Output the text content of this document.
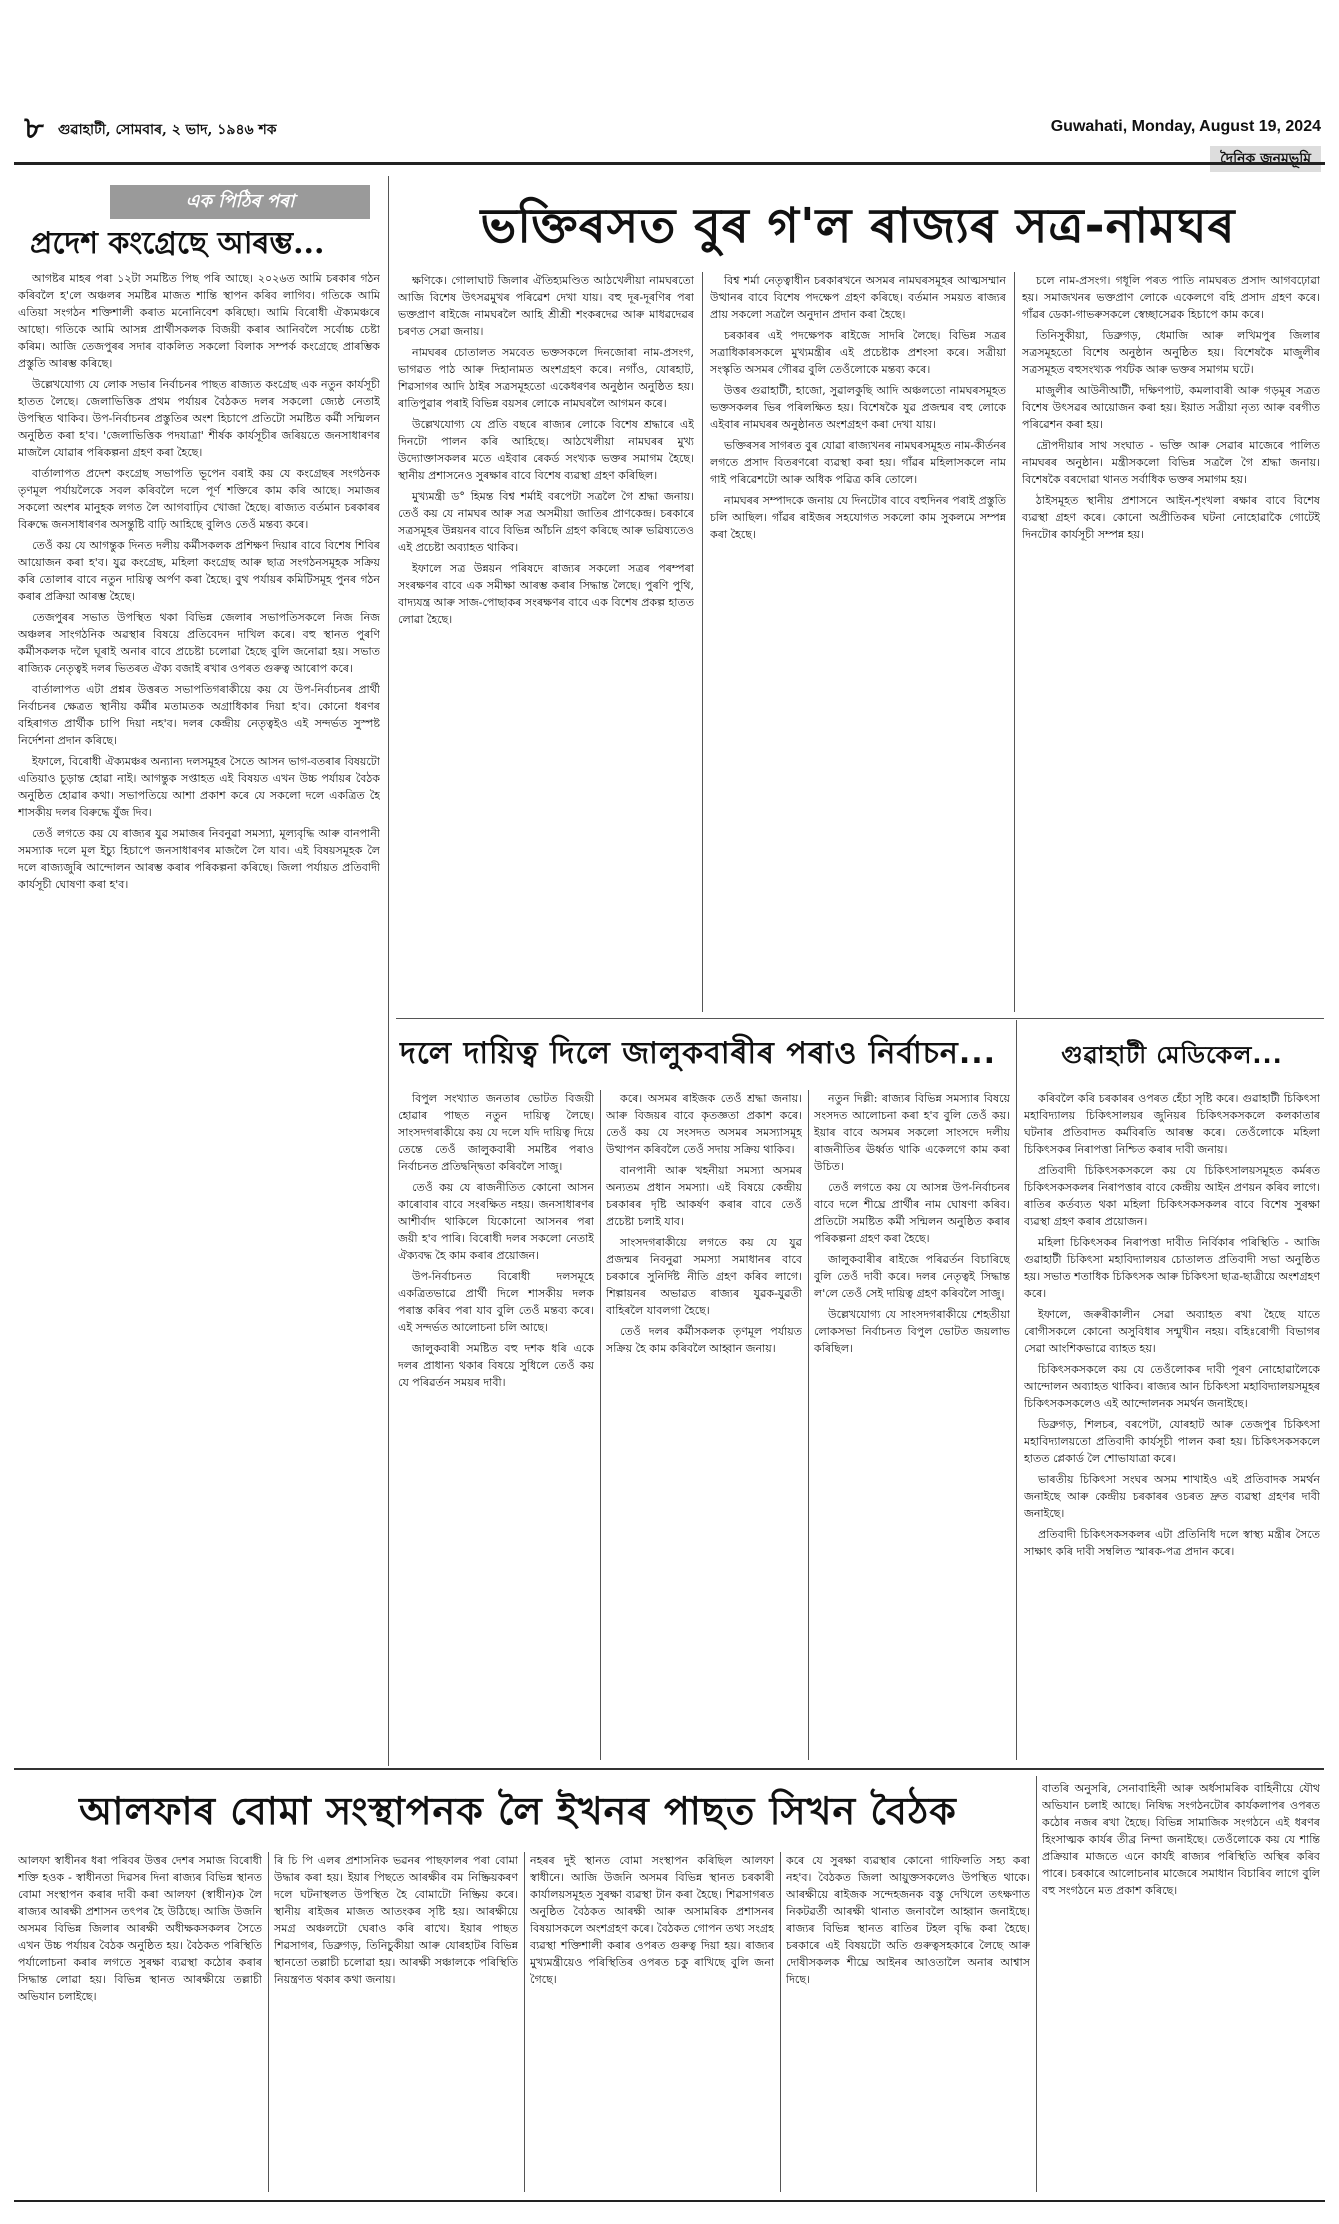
৮	গুৱাহাটী, সোমবাৰ, ২ ভাদ, ১৯৪৬ শক	Guwahati, Monday, August 19, 2024
দৈনিক জনমভূমি
এক পিঠিৰ পৰা
প্ৰদেশ কংগ্ৰেছে আৰম্ভ...

আগষ্টৰ মাহৰ পৰা ১২টা সমষ্টিত পিছ পৰি আছে। ২০২৬ত আমি চৰকাৰ গঠন কৰিবলৈ হ'লে অঞ্চলৰ সমষ্টিৰ মাজত শান্তি স্থাপন কৰিব লাগিব। গতিকে আমি এতিয়া সংগঠন শক্তিশালী কৰাত মনোনিবেশ কৰিছো। আমি বিৰোধী ঐক্যমঞ্চৰে আছো। গতিকে আমি আসন্ন প্ৰাৰ্থীসকলক বিজয়ী কৰাৰ আনিবলৈ সৰ্বোচ্চ চেষ্টা কৰিম। আজি তেজপুৰৰ সদাৰ বাকলিত সকলো বিলাক সম্পৰ্ক কংগ্ৰেছে প্ৰাৰম্ভিক প্ৰস্তুতি আৰম্ভ কৰিছে।

উল্লেখযোগ্য যে লোক সভাৰ নিৰ্বাচনৰ পাছত ৰাজ্যত কংগ্ৰেছ এক নতুন কাৰ্যসূচী হাতত লৈছে। জেলাভিত্তিক প্ৰথম পৰ্যায়ৰ বৈঠকত দলৰ সকলো জ্যেষ্ঠ নেতাই উপস্থিত থাকিব। উপ-নিৰ্বাচনৰ প্ৰস্তুতিৰ অংশ হিচাপে প্ৰতিটো সমষ্টিত কৰ্মী সন্মিলন অনুষ্ঠিত কৰা হ'ব। 'জেলাভিত্তিক পদযাত্ৰা' শীৰ্ষক কাৰ্যসূচীৰ জৰিয়তে জনসাধাৰণৰ মাজলৈ যোৱাৰ পৰিকল্পনা গ্ৰহণ কৰা হৈছে।

বাৰ্তালাপত প্ৰদেশ কংগ্ৰেছ সভাপতি ভূপেন বৰাই কয় যে কংগ্ৰেছৰ সংগঠনক তৃণমূল পৰ্যায়লৈকে সবল কৰিবলৈ দলে পূৰ্ণ শক্তিৰে কাম কৰি আছে। সমাজৰ সকলো অংশৰ মানুহক লগত লৈ আগবাঢ়িব খোজা হৈছে। ৰাজ্যত বৰ্তমান চৰকাৰৰ বিৰুদ্ধে জনসাধাৰণৰ অসন্তুষ্টি বাঢ়ি আহিছে বুলিও তেওঁ মন্তব্য কৰে।

তেওঁ কয় যে আগন্তুক দিনত দলীয় কৰ্মীসকলক প্ৰশিক্ষণ দিয়াৰ বাবে বিশেষ শিবিৰ আয়োজন কৰা হ'ব। যুৱ কংগ্ৰেছ, মহিলা কংগ্ৰেছ আৰু ছাত্ৰ সংগঠনসমূহক সক্ৰিয় কৰি তোলাৰ বাবে নতুন দায়িত্ব অৰ্পণ কৰা হৈছে। বুথ পৰ্যায়ৰ কমিটিসমূহ পুনৰ গঠন কৰাৰ প্ৰক্ৰিয়া আৰম্ভ হৈছে।

তেজপুৰৰ সভাত উপস্থিত থকা বিভিন্ন জেলাৰ সভাপতিসকলে নিজ নিজ অঞ্চলৰ সাংগঠনিক অৱস্থাৰ বিষয়ে প্ৰতিবেদন দাখিল কৰে। বহু স্থানত পুৰণি কৰ্মীসকলক দলৈ ঘূৰাই অনাৰ বাবে প্ৰচেষ্টা চলোৱা হৈছে বুলি জনোৱা হয়। সভাত ৰাজ্যিক নেতৃত্বই দলৰ ভিতৰত ঐক্য বজাই ৰখাৰ ওপৰত গুৰুত্ব আৰোপ কৰে।

বাৰ্তালাপত এটা প্ৰশ্নৰ উত্তৰত সভাপতিগৰাকীয়ে কয় যে উপ-নিৰ্বাচনৰ প্ৰাৰ্থী নিৰ্বাচনৰ ক্ষেত্ৰত স্থানীয় কৰ্মীৰ মতামতক অগ্ৰাধিকাৰ দিয়া হ'ব। কোনো ধৰণৰ বহিৰাগত প্ৰাৰ্থীক চাপি দিয়া নহ'ব। দলৰ কেন্দ্ৰীয় নেতৃত্বইও এই সন্দৰ্ভত সুস্পষ্ট নিৰ্দেশনা প্ৰদান কৰিছে।

ইফালে, বিৰোধী ঐক্যমঞ্চৰ অন্যান্য দলসমূহৰ সৈতে আসন ভাগ-বতৰাৰ বিষয়টো এতিয়াও চূড়ান্ত হোৱা নাই। আগন্তুক সপ্তাহত এই বিষয়ত এখন উচ্চ পৰ্যায়ৰ বৈঠক অনুষ্ঠিত হোৱাৰ কথা। সভাপতিয়ে আশা প্ৰকাশ কৰে যে সকলো দলে একত্ৰিত হৈ শাসকীয় দলৰ বিৰুদ্ধে যুঁজ দিব।

তেওঁ লগতে কয় যে ৰাজ্যৰ যুৱ সমাজৰ নিবনুৱা সমস্যা, মূল্যবৃদ্ধি আৰু বানপানী সমস্যাক দলে মূল ইচ্যু হিচাপে জনসাধাৰণৰ মাজলৈ লৈ যাব। এই বিষয়সমূহক লৈ দলে ৰাজ্যজুৰি আন্দোলন আৰম্ভ কৰাৰ পৰিকল্পনা কৰিছে। জিলা পৰ্যায়ত প্ৰতিবাদী কাৰ্যসূচী ঘোষণা কৰা হ'ব।

ভক্তিৰসত বুৰ গ'ল ৰাজ্যৰ সত্ৰ-নামঘৰ

ক্ষণিকে। গোলাঘাট জিলাৰ ঐতিহ্যমণ্ডিত আঠখেলীয়া নামঘৰতো আজি বিশেষ উৎসৱমুখৰ পৰিৱেশ দেখা যায়। বহু দূৰ-দূৰণিৰ পৰা ভক্তপ্ৰাণ ৰাইজে নামঘৰলৈ আহি শ্ৰীশ্ৰী শংকৰদেৱ আৰু মাধৱদেৱৰ চৰণত সেৱা জনায়।

নামঘৰৰ চোতালত সমবেত ভক্তসকলে দিনজোৰা নাম-প্ৰসংগ, ভাগৱত পাঠ আৰু দিহানামত অংশগ্ৰহণ কৰে। নগাঁও, যোৰহাট, শিৱসাগৰ আদি ঠাইৰ সত্ৰসমূহতো একেধৰণৰ অনুষ্ঠান অনুষ্ঠিত হয়। ৰাতিপুৱাৰ পৰাই বিভিন্ন বয়সৰ লোকে নামঘৰলৈ আগমন কৰে।

উল্লেখযোগ্য যে প্ৰতি বছৰে ৰাজ্যৰ লোকে বিশেষ শ্ৰদ্ধাৰে এই দিনটো পালন কৰি আহিছে। আঠখেলীয়া নামঘৰৰ মুখ্য উদ্যোক্তাসকলৰ মতে এইবাৰ ৰেকৰ্ড সংখ্যক ভক্তৰ সমাগম হৈছে। স্থানীয় প্ৰশাসনেও সুৰক্ষাৰ বাবে বিশেষ ব্যৱস্থা গ্ৰহণ কৰিছিল।

মুখ্যমন্ত্ৰী ড° হিমন্ত বিশ্ব শৰ্মাই বৰপেটা সত্ৰলৈ গৈ শ্ৰদ্ধা জনায়। তেওঁ কয় যে নামঘৰ আৰু সত্ৰ অসমীয়া জাতিৰ প্ৰাণকেন্দ্ৰ। চৰকাৰে সত্ৰসমূহৰ উন্নয়নৰ বাবে বিভিন্ন আঁচনি গ্ৰহণ কৰিছে আৰু ভৱিষ্যতেও এই প্ৰচেষ্টা অব্যাহত থাকিব।

ইফালে সত্ৰ উন্নয়ন পৰিষদে ৰাজ্যৰ সকলো সত্ৰৰ পৰম্পৰা সংৰক্ষণৰ বাবে এক সমীক্ষা আৰম্ভ কৰাৰ সিদ্ধান্ত লৈছে। পুৰণি পুথি, বাদ্যযন্ত্ৰ আৰু সাজ-পোছাকৰ সংৰক্ষণৰ বাবে এক বিশেষ প্ৰকল্প হাতত লোৱা হৈছে।

বিশ্ব শৰ্মা নেতৃত্বাধীন চৰকাৰখনে অসমৰ নামঘৰসমূহৰ আত্মসম্মান উত্থানৰ বাবে বিশেষ পদক্ষেপ গ্ৰহণ কৰিছে। বৰ্তমান সময়ত ৰাজ্যৰ প্ৰায় সকলো সত্ৰলৈ অনুদান প্ৰদান কৰা হৈছে।

চৰকাৰৰ এই পদক্ষেপক ৰাইজে সাদৰি লৈছে। বিভিন্ন সত্ৰৰ সত্ৰাধিকাৰসকলে মুখ্যমন্ত্ৰীৰ এই প্ৰচেষ্টাক প্ৰশংসা কৰে। সত্ৰীয়া সংস্কৃতি অসমৰ গৌৰৱ বুলি তেওঁলোকে মন্তব্য কৰে।

উত্তৰ গুৱাহাটী, হাজো, সুৱালকুছি আদি অঞ্চলতো নামঘৰসমূহত ভক্তসকলৰ ভিৰ পৰিলক্ষিত হয়। বিশেষকৈ যুৱ প্ৰজন্মৰ বহু লোকে এইবাৰ নামঘৰৰ অনুষ্ঠানত অংশগ্ৰহণ কৰা দেখা যায়।

ভক্তিৰসৰ সাগৰত বুৰ যোৱা ৰাজ্যখনৰ নামঘৰসমূহত নাম-কীৰ্তনৰ লগতে প্ৰসাদ বিতৰণৰো ব্যৱস্থা কৰা হয়। গাঁৱৰ মহিলাসকলে নাম গাই পৰিৱেশটো আৰু অধিক পৱিত্ৰ কৰি তোলে।

নামঘৰৰ সম্পাদকে জনায় যে দিনটোৰ বাবে বহুদিনৰ পৰাই প্ৰস্তুতি চলি আছিল। গাঁৱৰ ৰাইজৰ সহযোগত সকলো কাম সুকলমে সম্পন্ন কৰা হৈছে।

চলে নাম-প্ৰসংগ। গধূলি পৰত পাতি নামঘৰত প্ৰসাদ আগবঢ়োৱা হয়। সমাজখনৰ ভক্তপ্ৰাণ লোকে একেলগে বহি প্ৰসাদ গ্ৰহণ কৰে। গাঁৱৰ ডেকা-গাভৰুসকলে স্বেচ্ছাসেৱক হিচাপে কাম কৰে।

তিনিসুকীয়া, ডিব্ৰুগড়, ধেমাজি আৰু লখিমপুৰ জিলাৰ সত্ৰসমূহতো বিশেষ অনুষ্ঠান অনুষ্ঠিত হয়। বিশেষকৈ মাজুলীৰ সত্ৰসমূহত বহুসংখ্যক পৰ্যটক আৰু ভক্তৰ সমাগম ঘটে।

মাজুলীৰ আউনীআটী, দক্ষিণপাট, কমলাবাৰী আৰু গড়মূৰ সত্ৰত বিশেষ উৎসৱৰ আয়োজন কৰা হয়। ইয়াত সত্ৰীয়া নৃত্য আৰু বৰগীত পৰিৱেশন কৰা হয়।

দ্ৰৌপদীয়াৰ সাথ সংঘাত - ভক্তি আৰু সেৱাৰ মাজেৰে পালিত নামঘৰৰ অনুষ্ঠান। মন্ত্ৰীসকলো বিভিন্ন সত্ৰলৈ গৈ শ্ৰদ্ধা জনায়। বিশেষকৈ বৰদোৱা থানত সৰ্বাধিক ভক্তৰ সমাগম হয়।

ঠাইসমূহত স্থানীয় প্ৰশাসনে আইন-শৃংখলা ৰক্ষাৰ বাবে বিশেষ ব্যৱস্থা গ্ৰহণ কৰে। কোনো অপ্ৰীতিকৰ ঘটনা নোহোৱাকৈ গোটেই দিনটোৰ কাৰ্যসূচী সম্পন্ন হয়।

দলে দায়িত্ব দিলে জালুকবাৰীৰ পৰাও নিৰ্বাচন...

বিপুল সংখ্যাত জনতাৰ ভোটত বিজয়ী হোৱাৰ পাছত নতুন দায়িত্ব লৈছে। সাংসদগৰাকীয়ে কয় যে দলে যদি দায়িত্ব দিয়ে তেন্তে তেওঁ জালুকবাৰী সমষ্টিৰ পৰাও নিৰ্বাচনত প্ৰতিদ্বন্দ্বিতা কৰিবলৈ সাজু।

তেওঁ কয় যে ৰাজনীতিত কোনো আসন কাৰোবাৰ বাবে সংৰক্ষিত নহয়। জনসাধাৰণৰ আশীৰ্বাদ থাকিলে যিকোনো আসনৰ পৰা জয়ী হ'ব পাৰি। বিৰোধী দলৰ সকলো নেতাই ঐক্যবদ্ধ হৈ কাম কৰাৰ প্ৰয়োজন।

উপ-নিৰ্বাচনত বিৰোধী দলসমূহে একত্ৰিতভাৱে প্ৰাৰ্থী দিলে শাসকীয় দলক পৰাস্ত কৰিব পৰা যাব বুলি তেওঁ মন্তব্য কৰে। এই সন্দৰ্ভত আলোচনা চলি আছে।

জালুকবাৰী সমষ্টিত বহু দশক ধৰি একে দলৰ প্ৰাধান্য থকাৰ বিষয়ে সুধিলে তেওঁ কয় যে পৰিৱৰ্তন সময়ৰ দাবী।

কৰে। অসমৰ ৰাইজক তেওঁ শ্ৰদ্ধা জনায়। আৰু বিজয়ৰ বাবে কৃতজ্ঞতা প্ৰকাশ কৰে। তেওঁ কয় যে সংসদত অসমৰ সমস্যাসমূহ উত্থাপন কৰিবলৈ তেওঁ সদায় সক্ৰিয় থাকিব।

বানপানী আৰু খহনীয়া সমস্যা অসমৰ অন্যতম প্ৰধান সমস্যা। এই বিষয়ে কেন্দ্ৰীয় চৰকাৰৰ দৃষ্টি আকৰ্ষণ কৰাৰ বাবে তেওঁ প্ৰচেষ্টা চলাই যাব।

সাংসদগৰাকীয়ে লগতে কয় যে যুৱ প্ৰজন্মৰ নিবনুৱা সমস্যা সমাধানৰ বাবে চৰকাৰে সুনিৰ্দিষ্ট নীতি গ্ৰহণ কৰিব লাগে। শিল্পায়নৰ অভাৱত ৰাজ্যৰ যুৱক-যুৱতী বাহিৰলৈ যাবলগা হৈছে।

তেওঁ দলৰ কৰ্মীসকলক তৃণমূল পৰ্যায়ত সক্ৰিয় হৈ কাম কৰিবলৈ আহ্বান জনায়।

নতুন দিল্লী: ৰাজ্যৰ বিভিন্ন সমস্যাৰ বিষয়ে সংসদত আলোচনা কৰা হ'ব বুলি তেওঁ কয়। ইয়াৰ বাবে অসমৰ সকলো সাংসদে দলীয় ৰাজনীতিৰ ঊৰ্ধ্বত থাকি একেলগে কাম কৰা উচিত।

তেওঁ লগতে কয় যে আসন্ন উপ-নিৰ্বাচনৰ বাবে দলে শীঘ্ৰে প্ৰাৰ্থীৰ নাম ঘোষণা কৰিব। প্ৰতিটো সমষ্টিত কৰ্মী সন্মিলন অনুষ্ঠিত কৰাৰ পৰিকল্পনা গ্ৰহণ কৰা হৈছে।

জালুকবাৰীৰ ৰাইজে পৰিৱৰ্তন বিচাৰিছে বুলি তেওঁ দাবী কৰে। দলৰ নেতৃত্বই সিদ্ধান্ত ল'লে তেওঁ সেই দায়িত্ব গ্ৰহণ কৰিবলৈ সাজু।

উল্লেখযোগ্য যে সাংসদগৰাকীয়ে শেহতীয়া লোকসভা নিৰ্বাচনত বিপুল ভোটত জয়লাভ কৰিছিল।

গুৱাহাটী মেডিকেল...

কৰিবলৈ কৰি চৰকাৰৰ ওপৰত হেঁচা সৃষ্টি কৰে। গুৱাহাটী চিকিৎসা মহাবিদ্যালয় চিকিৎসালয়ৰ জুনিয়ৰ চিকিৎসকসকলে কলকাতাৰ ঘটনাৰ প্ৰতিবাদত কৰ্মবিৰতি আৰম্ভ কৰে। তেওঁলোকে মহিলা চিকিৎসকৰ নিৰাপত্তা নিশ্চিত কৰাৰ দাবী জনায়।

প্ৰতিবাদী চিকিৎসকসকলে কয় যে চিকিৎসালয়সমূহত কৰ্মৰত চিকিৎসকসকলৰ নিৰাপত্তাৰ বাবে কেন্দ্ৰীয় আইন প্ৰণয়ন কৰিব লাগে। ৰাতিৰ কৰ্তব্যত থকা মহিলা চিকিৎসকসকলৰ বাবে বিশেষ সুৰক্ষা ব্যৱস্থা গ্ৰহণ কৰাৰ প্ৰয়োজন।

মহিলা চিকিৎসকৰ নিৰাপত্তা দাবীত নিৰ্বিকাৰ পৰিস্থিতি - আজি গুৱাহাটী চিকিৎসা মহাবিদ্যালয়ৰ চোতালত প্ৰতিবাদী সভা অনুষ্ঠিত হয়। সভাত শতাধিক চিকিৎসক আৰু চিকিৎসা ছাত্ৰ-ছাত্ৰীয়ে অংশগ্ৰহণ কৰে।

ইফালে, জৰুৰীকালীন সেৱা অব্যাহত ৰখা হৈছে যাতে ৰোগীসকলে কোনো অসুবিধাৰ সন্মুখীন নহয়। বহিঃৰোগী বিভাগৰ সেৱা আংশিকভাৱে ব্যাহত হয়।

চিকিৎসকসকলে কয় যে তেওঁলোকৰ দাবী পূৰণ নোহোৱালৈকে আন্দোলন অব্যাহত থাকিব। ৰাজ্যৰ আন চিকিৎসা মহাবিদ্যালয়সমূহৰ চিকিৎসকসকলেও এই আন্দোলনক সমৰ্থন জনাইছে।

ডিব্ৰুগড়, শিলচৰ, বৰপেটা, যোৰহাট আৰু তেজপুৰ চিকিৎসা মহাবিদ্যালয়তো প্ৰতিবাদী কাৰ্যসূচী পালন কৰা হয়। চিকিৎসকসকলে হাতত প্লেকাৰ্ড লৈ শোভাযাত্ৰা কৰে।

ভাৰতীয় চিকিৎসা সংঘৰ অসম শাখাইও এই প্ৰতিবাদক সমৰ্থন জনাইছে আৰু কেন্দ্ৰীয় চৰকাৰৰ ওচৰত দ্ৰুত ব্যৱস্থা গ্ৰহণৰ দাবী জনাইছে।

প্ৰতিবাদী চিকিৎসকসকলৰ এটা প্ৰতিনিধি দলে স্বাস্থ্য মন্ত্ৰীৰ সৈতে সাক্ষাৎ কৰি দাবী সম্বলিত স্মাৰক-পত্ৰ প্ৰদান কৰে।

আলফাৰ বোমা সংস্থাপনক লৈ ইখনৰ পাছত সিখন বৈঠক
আলফা স্বাধীনৰ ধৰা পৰিবৰ উত্তৰ দেশৰ সমাজ বিৰোধী শক্তি হওক - স্বাধীনতা দিৱসৰ দিনা ৰাজ্যৰ বিভিন্ন স্থানত বোমা সংস্থাপন কৰাৰ দাবী কৰা আলফা (স্বাধীন)ক লৈ ৰাজ্যৰ আৰক্ষী প্ৰশাসন তৎপৰ হৈ উঠিছে। আজি উজনি অসমৰ বিভিন্ন জিলাৰ আৰক্ষী অধীক্ষকসকলৰ সৈতে এখন উচ্চ পৰ্যায়ৰ বৈঠক অনুষ্ঠিত হয়। বৈঠকত পৰিস্থিতি পৰ্যালোচনা কৰাৰ লগতে সুৰক্ষা ব্যৱস্থা কঠোৰ কৰাৰ সিদ্ধান্ত লোৱা হয়। বিভিন্ন স্থানত আৰক্ষীয়ে তল্লাচী অভিযান চলাইছে।
ৰি চি পি এলৰ প্ৰশাসনিক ভৱনৰ পাছফালৰ পৰা বোমা উদ্ধাৰ কৰা হয়। ইয়াৰ পিছতে আৰক্ষীৰ বম নিষ্ক্ৰিয়কৰণ দলে ঘটনাস্থলত উপস্থিত হৈ বোমাটো নিষ্ক্ৰিয় কৰে। স্থানীয় ৰাইজৰ মাজত আতংকৰ সৃষ্টি হয়। আৰক্ষীয়ে সমগ্ৰ অঞ্চলটো ঘেৰাও কৰি ৰাখে। ইয়াৰ পাছত শিৱসাগৰ, ডিব্ৰুগড়, তিনিচুকীয়া আৰু যোৰহাটৰ বিভিন্ন স্থানতো তল্লাচী চলোৱা হয়। আৰক্ষী সঞ্চালকে পৰিস্থিতি নিয়ন্ত্ৰণত থকাৰ কথা জনায়।
নহৰৰ দুই স্থানত বোমা সংস্থাপন কৰিছিল আলফা স্বাধীনে। আজি উজনি অসমৰ বিভিন্ন স্থানত চৰকাৰী কাৰ্যালয়সমূহত সুৰক্ষা ব্যৱস্থা টান কৰা হৈছে। শিৱসাগৰত অনুষ্ঠিত বৈঠকত আৰক্ষী আৰু অসামৰিক প্ৰশাসনৰ বিষয়াসকলে অংশগ্ৰহণ কৰে। বৈঠকত গোপন তথ্য সংগ্ৰহ ব্যৱস্থা শক্তিশালী কৰাৰ ওপৰত গুৰুত্ব দিয়া হয়। ৰাজ্যৰ মুখ্যমন্ত্ৰীয়েও পৰিস্থিতিৰ ওপৰত চকু ৰাখিছে বুলি জনা গৈছে।
কৰে যে সুৰক্ষা ব্যৱস্থাৰ কোনো গাফিলতি সহ্য কৰা নহ'ব। বৈঠকত জিলা আয়ুক্তসকলেও উপস্থিত থাকে। আৰক্ষীয়ে ৰাইজক সন্দেহজনক বস্তু দেখিলে তৎক্ষণাত নিকটৱৰ্তী আৰক্ষী থানাত জনাবলৈ আহ্বান জনাইছে। ৰাজ্যৰ বিভিন্ন স্থানত ৰাতিৰ টহল বৃদ্ধি কৰা হৈছে। চৰকাৰে এই বিষয়টো অতি গুৰুত্বসহকাৰে লৈছে আৰু দোষীসকলক শীঘ্ৰে আইনৰ আওতালৈ অনাৰ আশ্বাস দিছে।
বাতৰি অনুসৰি, সেনাবাহিনী আৰু অৰ্ধসামৰিক বাহিনীয়ে যৌথ অভিযান চলাই আছে। নিষিদ্ধ সংগঠনটোৰ কাৰ্যকলাপৰ ওপৰত কঠোৰ নজৰ ৰখা হৈছে। বিভিন্ন সামাজিক সংগঠনে এই ধৰণৰ হিংসাত্মক কাৰ্যৰ তীব্ৰ নিন্দা জনাইছে। তেওঁলোকে কয় যে শান্তি প্ৰক্ৰিয়াৰ মাজতে এনে কাৰ্যই ৰাজ্যৰ পৰিস্থিতি অস্থিৰ কৰিব পাৰে। চৰকাৰে আলোচনাৰ মাজেৰে সমাধান বিচাৰিব লাগে বুলি বহু সংগঠনে মত প্ৰকাশ কৰিছে।
